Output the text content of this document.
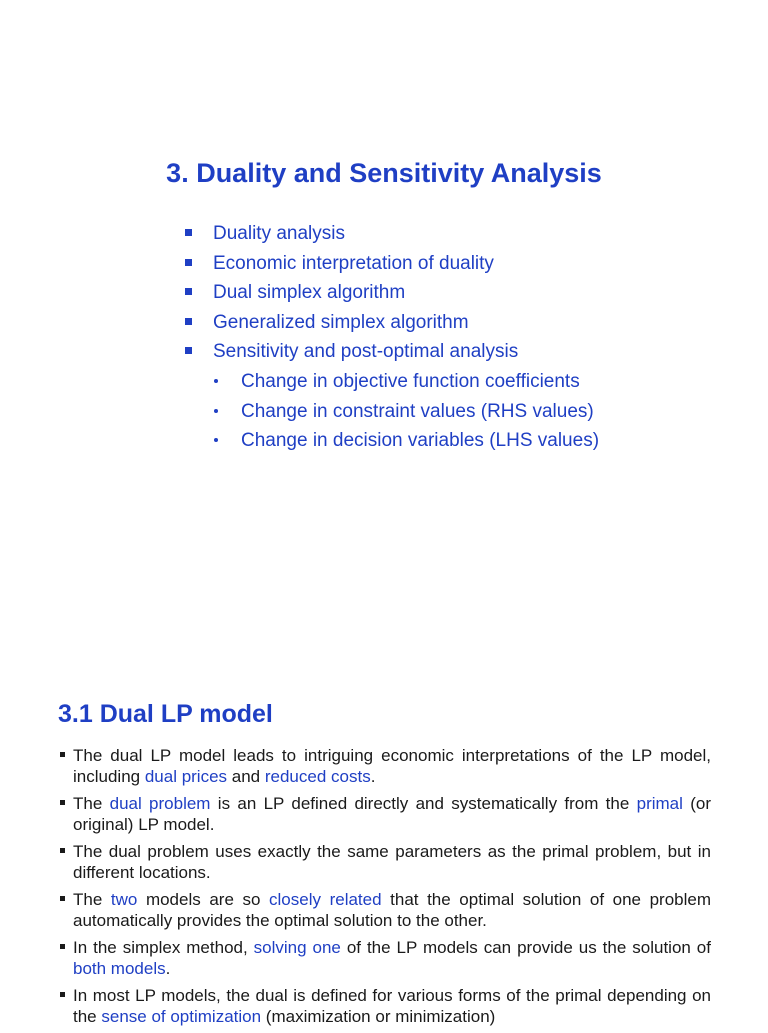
3. Duality and Sensitivity Analysis
Duality analysis
Economic interpretation of duality
Dual simplex algorithm
Generalized simplex algorithm
Sensitivity and post-optimal analysis
Change in objective function coefficients
Change in constraint values (RHS values)
Change in decision variables (LHS values)
3.1 Dual LP model
The dual LP model leads to intriguing economic interpretations of the LP model, including dual prices and reduced costs.
The dual problem is an LP defined directly and systematically from the primal (or original) LP model.
The dual problem uses exactly the same parameters as the primal problem, but in different locations.
The two models are so closely related that the optimal solution of one problem automatically provides the optimal solution to the other.
In the simplex method, solving one of the LP models can provide us the solution of both models.
In most LP models, the dual is defined for various forms of the primal depending on the sense of optimization (maximization or minimization)
